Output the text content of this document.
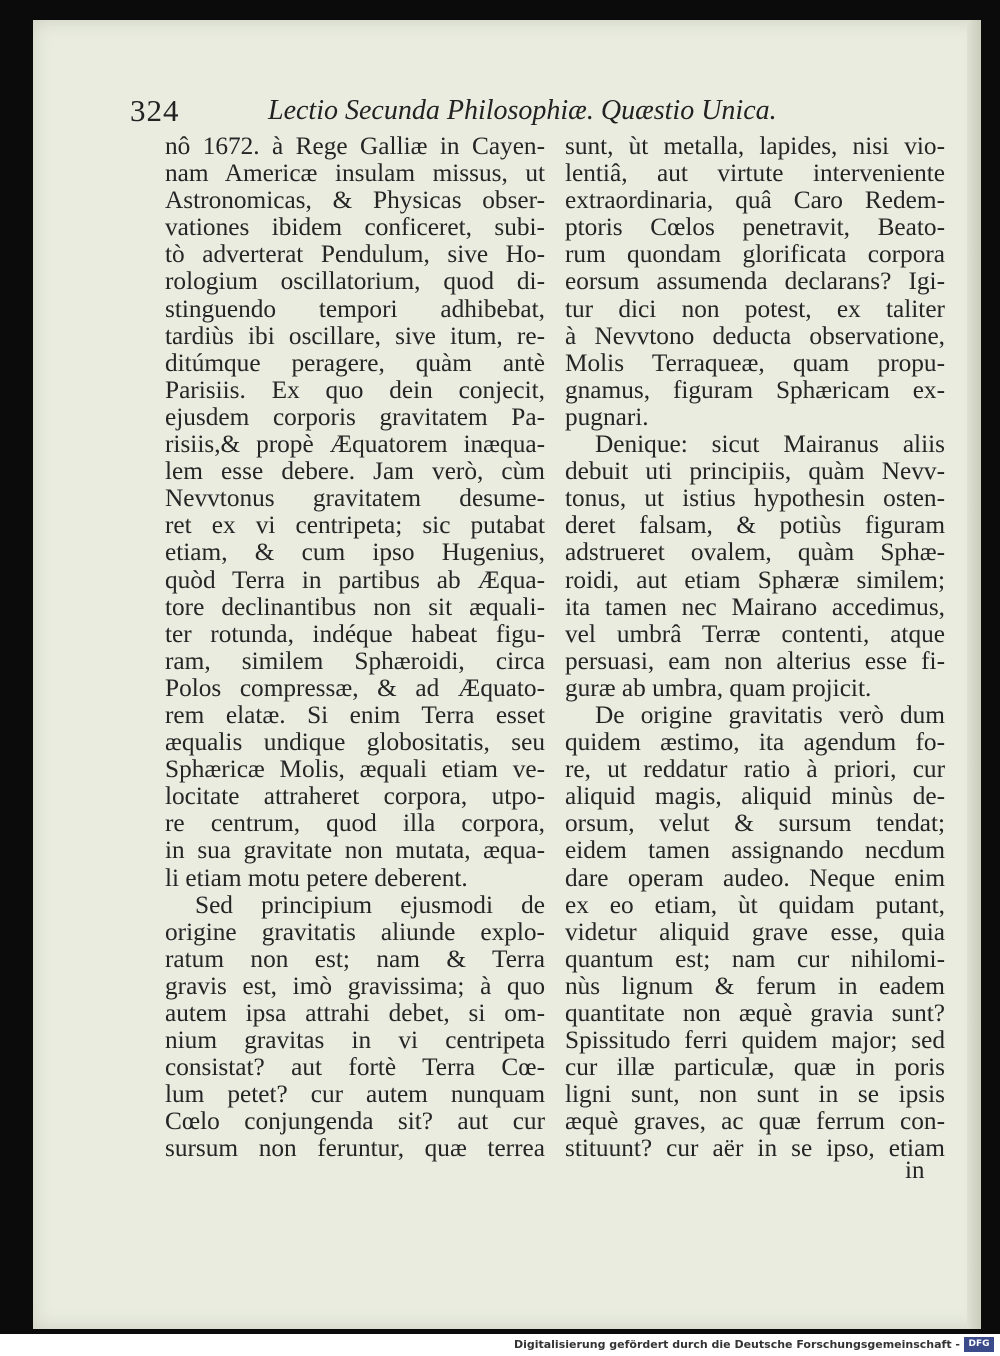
324	Lectio Secunda Philosophiæ. Quæstio Unica.
nô 1672. à Rege Galliæ in Cayen-
nam Americæ insulam missus, ut
Astronomicas, & Physicas obser-
vationes ibidem conficeret, subi-
tò adverterat Pendulum, sive Ho-
rologium oscillatorium, quod di-
stinguendo tempori adhibebat,
tardiùs ibi oscillare, sive itum, re-
ditúmque peragere, quàm antè
Parisiis. Ex quo dein conjecit,
ejusdem corporis gravitatem Pa-
risiis,& propè Æquatorem inæqua-
lem esse debere. Jam verò, cùm
Nevvtonus gravitatem desume-
ret ex vi centripeta; sic putabat
etiam, & cum ipso Hugenius,
quòd Terra in partibus ab Æqua-
tore declinantibus non sit æquali-
ter rotunda, indéque habeat figu-
ram, similem Sphæroidi, circa
Polos compressæ, & ad Æquato-
rem elatæ. Si enim Terra esset
æqualis undique globositatis, seu
Sphæricæ Molis, æquali etiam ve-
locitate attraheret corpora, utpo-
re centrum, quod illa corpora,
in sua gravitate non mutata, æqua-
li etiam motu petere deberent.
Sed principium ejusmodi de
origine gravitatis aliunde explo-
ratum non est; nam & Terra
gravis est, imò gravissima; à quo
autem ipsa attrahi debet, si om-
nium gravitas in vi centripeta
consistat? aut fortè Terra Cœ-
lum petet? cur autem nunquam
Cœlo conjungenda sit? aut cur
sursum non feruntur, quæ terrea
sunt, ùt metalla, lapides, nisi vio-
lentiâ, aut virtute interveniente
extraordinaria, quâ Caro Redem-
ptoris Cœlos penetravit, Beato-
rum quondam glorificata corpora
eorsum assumenda declarans? Igi-
tur dici non potest, ex taliter
à Nevvtono deducta observatione,
Molis Terraqueæ, quam propu-
gnamus, figuram Sphæricam ex-
pugnari.
Denique: sicut Mairanus aliis
debuit uti principiis, quàm Nevv-
tonus, ut istius hypothesin osten-
deret falsam, & potiùs figuram
adstrueret ovalem, quàm Sphæ-
roidi, aut etiam Sphæræ similem;
ita tamen nec Mairano accedimus,
vel umbrâ Terræ contenti, atque
persuasi, eam non alterius esse fi-
guræ ab umbra, quam projicit.
De origine gravitatis verò dum
quidem æstimo, ita agendum fo-
re, ut reddatur ratio à priori, cur
aliquid magis, aliquid minùs de-
orsum, velut & sursum tendat;
eidem tamen assignando necdum
dare operam audeo. Neque enim
ex eo etiam, ùt quidam putant,
videtur aliquid grave esse, quia
quantum est; nam cur nihilomi-
nùs lignum & ferum in eadem
quantitate non æquè gravia sunt?
Spissitudo ferri quidem major; sed
cur illæ particulæ, quæ in poris
ligni sunt, non sunt in se ipsis
æquè graves, ac quæ ferrum con-
stituunt? cur aër in se ipso, etiam
in
Digitalisierung gefördert durch die Deutsche Forschungsgemeinschaft - DFG
